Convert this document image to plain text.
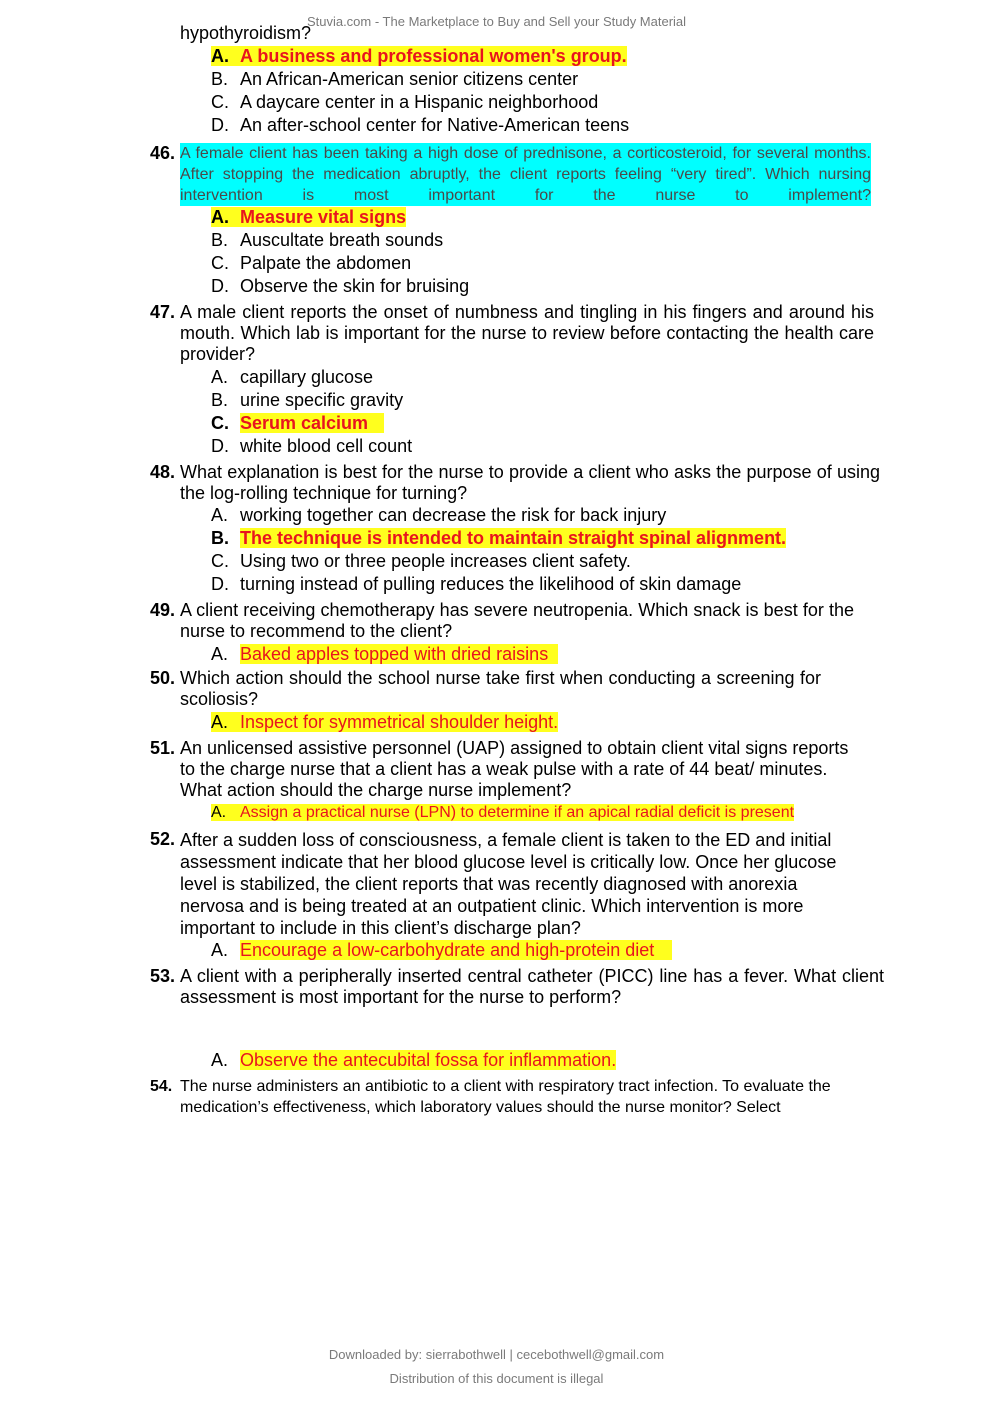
Stuvia.com - The Marketplace to Buy and Sell your Study Material
hypothyroidism?
A. A business and professional women's group.
B. An African-American senior citizens center
C. A daycare center in a Hispanic neighborhood
D. An after-school center for Native-American teens
46. A female client has been taking a high dose of prednisone, a corticosteroid, for several months. After stopping the medication abruptly, the client reports feeling “very tired”. Which nursing intervention is most important for the nurse to implement?
A. Measure vital signs
B. Auscultate breath sounds
C. Palpate the abdomen
D. Observe the skin for bruising
47. A male client reports the onset of numbness and tingling in his fingers and around his mouth. Which lab is important for the nurse to review before contacting the health care provider?
A. capillary glucose
B. urine specific gravity
C. Serum calcium
D. white blood cell count
48. What explanation is best for the nurse to provide a client who asks the purpose of using the log-rolling technique for turning?
A. working together can decrease the risk for back injury
B. The technique is intended to maintain straight spinal alignment.
C. Using two or three people increases client safety.
D. turning instead of pulling reduces the likelihood of skin damage
49. A client receiving chemotherapy has severe neutropenia. Which snack is best for the nurse to recommend to the client?
A. Baked apples topped with dried raisins
50. Which action should the school nurse take first when conducting a screening for scoliosis?
A. Inspect for symmetrical shoulder height.
51. An unlicensed assistive personnel (UAP) assigned to obtain client vital signs reports to the charge nurse that a client has a weak pulse with a rate of 44 beat/ minutes. What action should the charge nurse implement?
A. Assign a practical nurse (LPN) to determine if an apical radial deficit is present
52. After a sudden loss of consciousness, a female client is taken to the ED and initial assessment indicate that her blood glucose level is critically low. Once her glucose level is stabilized, the client reports that was recently diagnosed with anorexia nervosa and is being treated at an outpatient clinic. Which intervention is more important to include in this client’s discharge plan?
A. Encourage a low-carbohydrate and high-protein diet
53. A client with a peripherally inserted central catheter (PICC) line has a fever. What client assessment is most important for the nurse to perform?
A. Observe the antecubital fossa for inflammation.
54. The nurse administers an antibiotic to a client with respiratory tract infection. To evaluate the medication’s effectiveness, which laboratory values should the nurse monitor? Select
Downloaded by: sierrabothwell | cecebothwell@gmail.com
Distribution of this document is illegal
